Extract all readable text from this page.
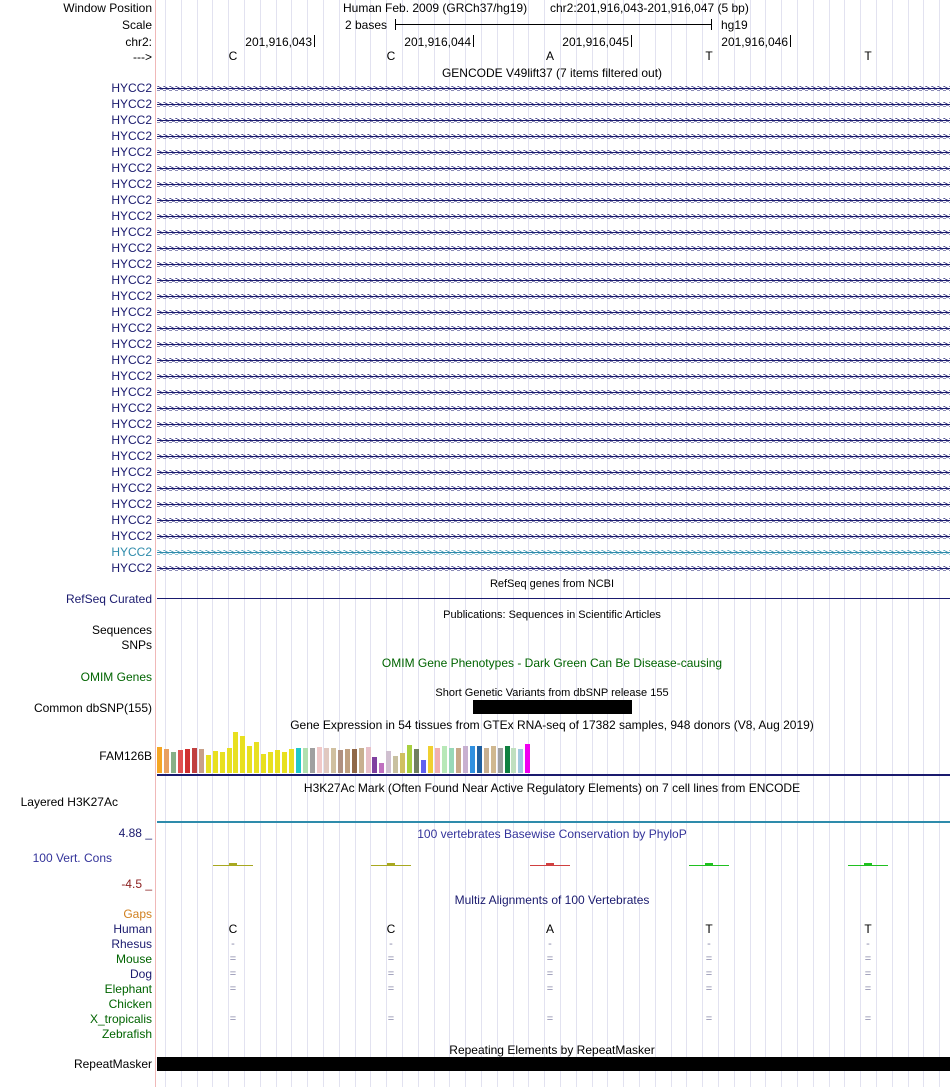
Window Position	Human Feb. 2009 (GRCh37/hg19) chr2:201,916,043-201,916,047 (5 bp)
Scale	2 bases	hg19
chr2:	201,916,043	201,916,044	201,916,045	201,916,046
--->	C	C	A	T	T
GENCODE V49lift37 (7 items filtered out)
HYCC2
HYCC2
HYCC2
HYCC2
HYCC2
HYCC2
HYCC2
HYCC2
HYCC2
HYCC2
HYCC2
HYCC2
HYCC2
HYCC2
HYCC2
HYCC2
HYCC2
HYCC2
HYCC2
HYCC2
HYCC2
HYCC2
HYCC2
HYCC2
HYCC2
HYCC2
HYCC2
HYCC2
HYCC2
HYCC2
HYCC2
RefSeq genes from NCBI
RefSeq Curated
Publications: Sequences in Scientific Articles
Sequences
SNPs
OMIM Gene Phenotypes - Dark Green Can Be Disease-causing
OMIM Genes
Short Genetic Variants from dbSNP release 155
Common dbSNP(155)
Gene Expression in 54 tissues from GTEx RNA-seq of 17382 samples, 948 donors (V8, Aug 2019)
FAM126B
H3K27Ac Mark (Often Found Near Active Regulatory Elements) on 7 cell lines from ENCODE
Layered H3K27Ac
4.88 _	100 vertebrates Basewise Conservation by PhyloP
100 Vert. Cons
-4.5 _
Multiz Alignments of 100 Vertebrates
Gaps
Human	C	C	A	T	T
Rhesus	-	-	-	-	-
Mouse	=	=	=	=	=
Dog	=	=	=	=	=
Elephant	=	=	=	=	=
Chicken
X_tropicalis	=	=	=	=	=
Zebrafish
Repeating Elements by RepeatMasker
RepeatMasker
